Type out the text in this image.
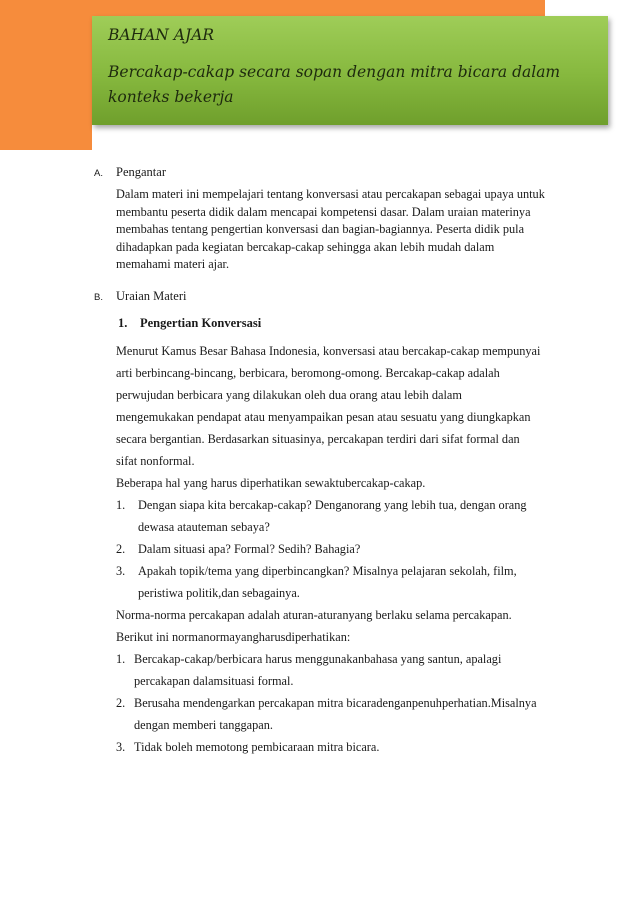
BAHAN AJAR
Bercakap-cakap secara sopan dengan mitra bicara dalam konteks bekerja
A. Pengantar

Dalam materi ini mempelajari tentang konversasi atau percakapan sebagai upaya untuk membantu peserta didik dalam mencapai kompetensi dasar. Dalam uraian materinya membahas tentang pengertian konversasi dan bagian-bagiannya. Peserta didik pula dihadapkan pada kegiatan bercakap-cakap sehingga akan lebih mudah dalam memahami materi ajar.

B. Uraian Materi
1. Pengertian Konversasi
Menurut Kamus Besar Bahasa Indonesia, konversasi atau bercakap-cakap mempunyai
arti berbincang-bincang, berbicara, beromong-omong. Bercakap-cakap adalah
perwujudan berbicara yang dilakukan oleh dua orang atau lebih dalam
mengemukakan pendapat atau menyampaikan pesan atau sesuatu yang diungkapkan
secara bergantian. Berdasarkan situasinya, percakapan terdiri dari sifat formal dan
sifat nonformal.
Beberapa hal yang harus diperhatikan sewaktubercakap-cakap.
1. Dengan siapa kita bercakap-cakap? Denganorang yang lebih tua, dengan orang
dewasa atauteman sebaya?
2. Dalam situasi apa? Formal? Sedih? Bahagia?
3. Apakah topik/tema yang diperbincangkan? Misalnya pelajaran sekolah, film,
peristiwa politik,dan sebagainya.
Norma-norma percakapan adalah aturan-aturanyang berlaku selama percakapan.
Berikut ini normanormayangharusdiperhatikan:
1. Bercakap-cakap/berbicara harus menggunakanbahasa yang santun, apalagi
percakapan dalamsituasi formal.
2. Berusaha mendengarkan percakapan mitra bicaradenganpenuhperhatian.Misalnya
dengan memberi tanggapan.
3. Tidak boleh memotong pembicaraan mitra bicara.
